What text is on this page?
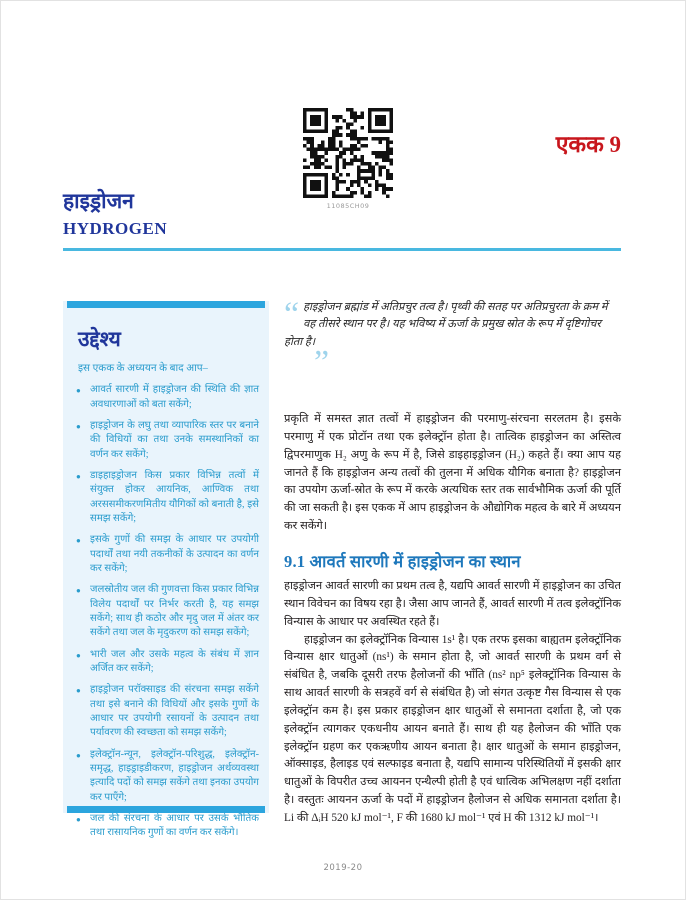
11085CH09
एकक 9
हाइड्रोजन
HYDROGEN
उद्देश्य
इस एकक के अध्ययन के बाद आप–
● आवर्त सारणी में हाइड्रोजन की स्थिति की ज्ञात अवधारणाओं को बता सकेंगे;
● हाइड्रोजन के लघु तथा व्यापारिक स्तर पर बनाने की विधियों का तथा उनके समस्थानिकों का वर्णन कर सकेंगे;
● डाइहाइड्रोजन किस प्रकार विभिन्न तत्वों में संयुक्त होकर आयनिक, आण्विक तथा अरससमीकरणमितीय यौगिकों को बनाती है, इसे समझ सकेंगे;
● इसके गुणों की समझ के आधार पर उपयोगी पदार्थों तथा नयी तकनीकों के उत्पादन का वर्णन कर सकेंगे;
● जलस्रोतीय जल की गुणवत्ता किस प्रकार विभिन्न विलेय पदार्थों पर निर्भर करती है, यह समझ सकेंगे; साथ ही कठोर और मृदु जल में अंतर कर सकेंगे तथा जल के मृदुकरण को समझ सकेंगे;
● भारी जल और उसके महत्व के संबंध में ज्ञान अर्जित कर सकेंगे;
● हाइड्रोजन परॉक्साइड की संरचना समझ सकेंगे तथा इसे बनाने की विधियों और इसके गुणों के आधार पर उपयोगी रसायनों के उत्पादन तथा पर्यावरण की स्वच्छता को समझ सकेंगे;
● इलेक्ट्रॉन-न्यून, इलेक्ट्रॉन-परिशुद्ध, इलेक्ट्रॉन-समृद्ध, हाइड्राइडीकरण, हाइड्रोजन अर्थव्यवस्था इत्यादि पदों को समझ सकेंगे तथा इनका उपयोग कर पाएँगे;
● जल की संरचना के आधार पर उसके भौतिक तथा रासायनिक गुणों का वर्णन कर सकेंगे।
“ हाइड्रोजन ब्रह्मांड में अतिप्रचुर तत्व है। पृथ्वी की सतह पर अतिप्रचुरता के क्रम में वह तीसरे स्थान पर है। यह भविष्य में ऊर्जा के प्रमुख स्रोत के रूप में दृष्टिगोचर होता है।
”

प्रकृति में समस्त ज्ञात तत्वों में हाइड्रोजन की परमाणु-संरचना सरलतम है। इसके परमाणु में एक प्रोटॉन तथा एक इलेक्ट्रॉन होता है। तात्विक हाइड्रोजन का अस्तित्व द्विपरमाणुक H₂ अणु के रूप में है, जिसे डाइहाइड्रोजन (H₂) कहते हैं। क्या आप यह जानते हैं कि हाइड्रोजन अन्य तत्वों की तुलना में अधिक यौगिक बनाता है? हाइड्रोजन का उपयोग ऊर्जा-स्रोत के रूप में करके अत्यधिक स्तर तक सार्वभौमिक ऊर्जा की पूर्ति की जा सकती है। इस एकक में आप हाइड्रोजन के औद्योगिक महत्व के बारे में अध्ययन कर सकेंगे।

9.1 आवर्त सारणी में हाइड्रोजन का स्थान

हाइड्रोजन आवर्त सारणी का प्रथम तत्व है, यद्यपि आवर्त सारणी में हाइड्रोजन का उचित स्थान विवेचन का विषय रहा है। जैसा आप जानते हैं, आवर्त सारणी में तत्व इलेक्ट्रॉनिक विन्यास के आधार पर अवस्थित रहते हैं।

हाइड्रोजन का इलेक्ट्रॉनिक विन्यास 1s¹ है। एक तरफ इसका बाह्यतम इलेक्ट्रॉनिक विन्यास क्षार धातुओं (ns¹) के समान होता है, जो आवर्त सारणी के प्रथम वर्ग से संबंधित है, जबकि दूसरी तरफ हैलोजनों की भाँति (ns² np⁵ इलेक्ट्रॉनिक विन्यास के साथ आवर्त सारणी के सत्रहवें वर्ग से संबंधित है) जो संगत उत्कृष्ट गैस विन्यास से एक इलेक्ट्रॉन कम है। इस प्रकार हाइड्रोजन क्षार धातुओं से समानता दर्शाता है, जो एक इलेक्ट्रॉन त्यागकर एकधनीय आयन बनाते हैं। साथ ही यह हैलोजन की भाँति एक इलेक्ट्रॉन ग्रहण कर एकऋणीय आयन बनाता है। क्षार धातुओं के समान हाइड्रोजन, ऑक्साइड, हैलाइड एवं सल्फाइड बनाता है, यद्यपि सामान्य परिस्थितियों में इसकी क्षार धातुओं के विपरीत उच्च आयनन एन्थैल्पी होती है एवं धात्विक अभिलक्षण नहीं दर्शाता है। वस्तुतः आयनन ऊर्जा के पदों में हाइड्रोजन हैलोजन से अधिक समानता दर्शाता है। Li की ΔᵢH 520 kJ mol⁻¹, F की 1680 kJ mol⁻¹ एवं H की 1312 kJ mol⁻¹।

2019-20
